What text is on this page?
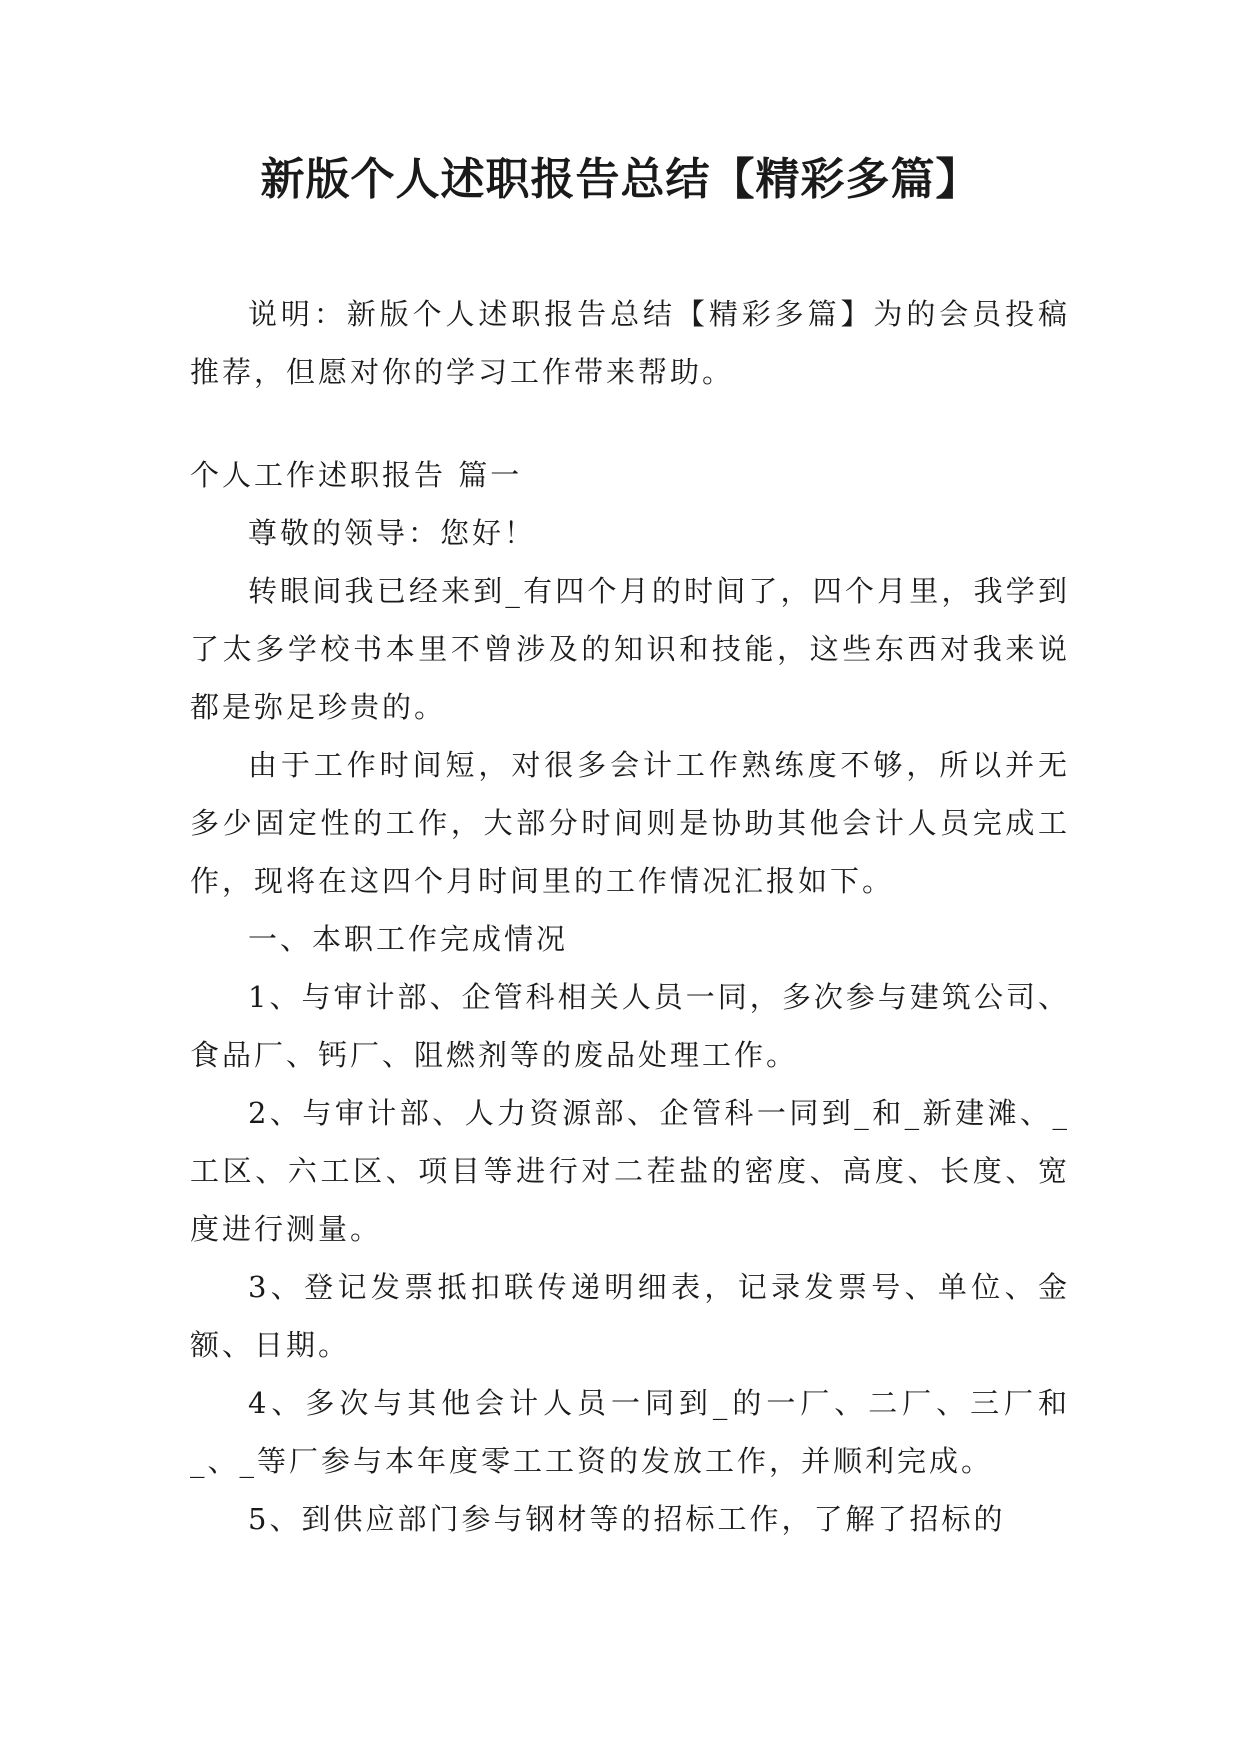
新版个人述职报告总结【精彩多篇】

说明：新版个人述职报告总结【精彩多篇】为的会员投稿推荐，但愿对你的学习工作带来帮助。

个人工作述职报告 篇一

尊敬的领导：您好！

转眼间我已经来到_有四个月的时间了，四个月里，我学到了太多学校书本里不曾涉及的知识和技能，这些东西对我来说都是弥足珍贵的。

由于工作时间短，对很多会计工作熟练度不够，所以并无多少固定性的工作，大部分时间则是协助其他会计人员完成工作，现将在这四个月时间里的工作情况汇报如下。

一、本职工作完成情况

1、与审计部、企管科相关人员一同，多次参与建筑公司、食品厂、钙厂、阻燃剂等的废品处理工作。

2、与审计部、人力资源部、企管科一同到_和_新建滩、_工区、六工区、项目等进行对二茬盐的密度、高度、长度、宽度进行测量。

3、登记发票抵扣联传递明细表，记录发票号、单位、金额、日期。

4、多次与其他会计人员一同到_的一厂、二厂、三厂和_、_等厂参与本年度零工工资的发放工作，并顺利完成。

5、到供应部门参与钢材等的招标工作，了解了招标的
